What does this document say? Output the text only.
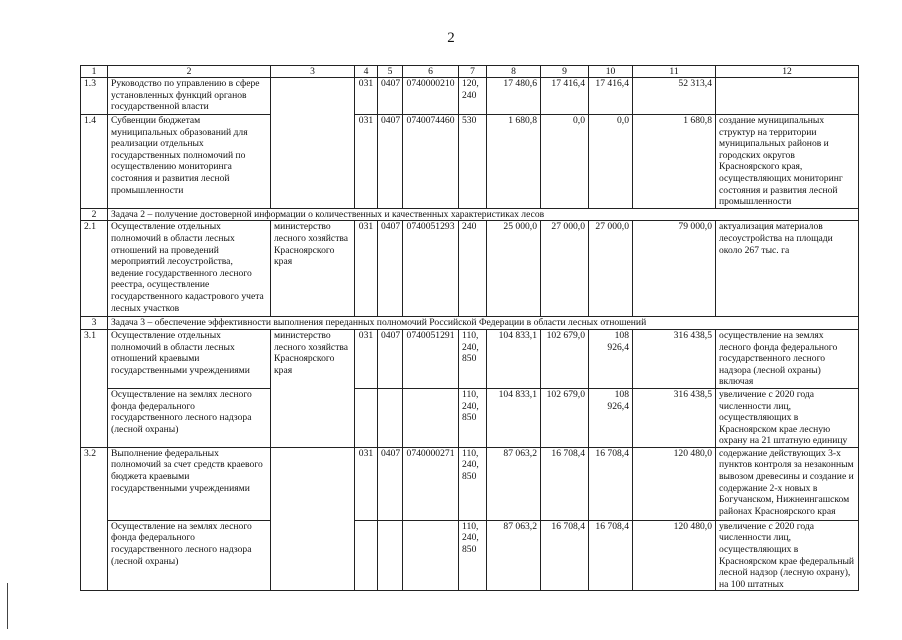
2
1	2	3	4	5	6	7	8	9	10	11	12
1.3	Руководство по управлению в сфере установленных функций органов государственной власти		031	0407	0740000210	120, 240	17 480,6	17 416,4	17 416,4	52 313,4	
1.4	Субвенции бюджетам муниципальных образований для реализации отдельных государственных полномочий по осуществлению мониторинга состояния и развития лесной промышленности		031	0407	0740074460	530	1 680,8	0,0	0,0	1 680,8	создание муниципальных структур на территории муниципальных районов и городских округов Красноярского края, осуществляющих мониторинг состояния и развития лесной промышленности
2	Задача 2 – получение достоверной информации о количественных и качественных характеристиках лесов										
2.1	Осуществление отдельных полномочий в области лесных отношений на проведений мероприятий лесоустройства, ведение государственного лесного реестра, осуществление государственного кадастрового учета лесных участков	министерство лесного хозяйства Красноярского края	031	0407	0740051293	240	25 000,0	27 000,0	27 000,0	79 000,0	актуализация материалов лесоустройства на площади около 267 тыс. га
3	Задача 3 – обеспечение эффективности выполнения переданных полномочий Российской Федерации в области лесных отношений										
3.1	Осуществление отдельных полномочий в области лесных отношений краевыми государственными учреждениями	министерство лесного хозяйства Красноярского края	031	0407	0740051291	110, 240, 850	104 833,1	102 679,0	108 926,4	316 438,5	осуществление на землях лесного фонда федерального государственного лесного надзора (лесной охраны) включая
	Осуществление на землях лесного фонда федерального государственного лесного надзора (лесной охраны)					110, 240, 850	104 833,1	102 679,0	108 926,4	316 438,5	увеличение с 2020 года численности лиц, осуществляющих в Красноярском крае лесную охрану на 21 штатную единицу
3.2	Выполнение федеральных полномочий за счет средств краевого бюджета краевыми государственными учреждениями		031	0407	0740000271	110, 240, 850	87 063,2	16 708,4	16 708,4	120 480,0	содержание действующих 3-х пунктов контроля за незаконным вывозом древесины и создание и содержание 2-х новых в Богучанском, Нижнеингашском районах Красноярского края
	Осуществление на землях лесного фонда федерального государственного лесного надзора (лесной охраны)					110, 240, 850	87 063,2	16 708,4	16 708,4	120 480,0	увеличение с 2020 года численности лиц, осуществляющих в Красноярском крае федеральный лесной надзор (лесную охрану), на 100 штатных
